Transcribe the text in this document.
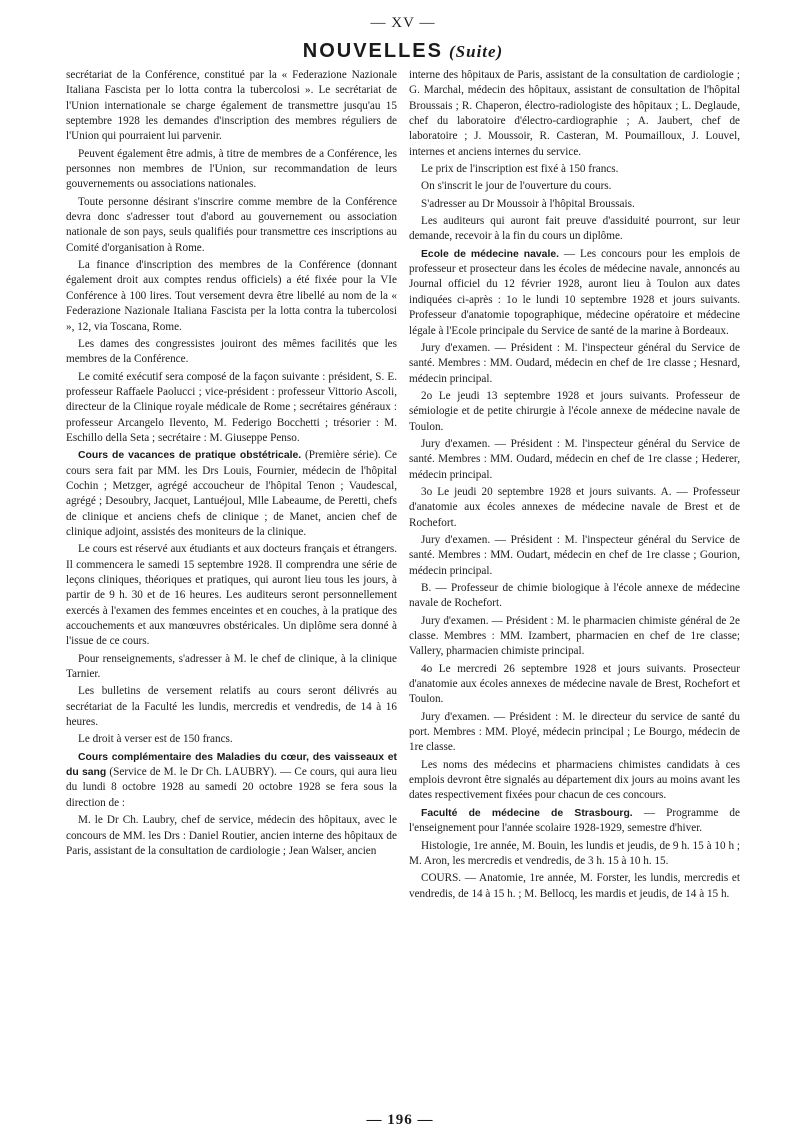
— XV —
NOUVELLES (Suite)

secrétariat de la Conférence, constitué par la « Federazione Nazionale Italiana Fascista per lo lotta contra la tubercolosi ». Le secrétariat de l'Union internationale se charge également de transmettre jusqu'au 15 septembre 1928 les demandes d'inscription des membres réguliers de l'Union qui pourraient lui parvenir.

Peuvent également être admis, à titre de membres de a Conférence, les personnes non membres de l'Union, sur recommandation de leurs gouvernements ou associations nationales.

Toute personne désirant s'inscrire comme membre de la Conférence devra donc s'adresser tout d'abord au gouvernement ou association nationale de son pays, seuls qualifiés pour transmettre ces inscriptions au Comité d'organisation à Rome.

La finance d'inscription des membres de la Conférence (donnant également droit aux comptes rendus officiels) a été fixée pour la VIe Conférence à 100 lires. Tout versement devra être libellé au nom de la « Federazione Nazionale Italiana Fascista per la lotta contra la tubercolosi », 12, via Toscana, Rome.

Les dames des congressistes jouiront des mêmes facilités que les membres de la Conférence.

Le comité exécutif sera composé de la façon suivante : président, S. E. professeur Raffaele Paolucci ; vice-président : professeur Vittorio Ascoli, directeur de la Clinique royale médicale de Rome ; secrétaires généraux : professeur Arcangelo Ilevento, M. Federigo Bocchetti ; trésorier : M. Eschillo della Seta ; secrétaire : M. Giuseppe Penso.

Cours de vacances de pratique obstétricale. (Première série). Ce cours sera fait par MM. les Drs Louis, Fournier, médecin de l'hôpital Cochin ; Metzger, agrégé accoucheur de l'hôpital Tenon ; Vaudescal, agrégé ; Desoubry, Jacquet, Lantuéjoul, Mlle Labeaume, de Peretti, chefs de clinique et anciens chefs de clinique ; de Manet, ancien chef de clinique adjoint, assistés des moniteurs de la clinique.

Le cours est réservé aux étudiants et aux docteurs français et étrangers. Il commencera le samedi 15 septembre 1928. Il comprendra une série de leçons cliniques, théoriques et pratiques, qui auront lieu tous les jours, à partir de 9 h. 30 et de 16 heures. Les auditeurs seront personnellement exercés à l'examen des femmes enceintes et en couches, à la pratique des accouchements et aux manœuvres obstéricales. Un diplôme sera donné à l'issue de ce cours.

Pour renseignements, s'adresser à M. le chef de clinique, à la clinique Tarnier.

Les bulletins de versement relatifs au cours seront délivrés au secrétariat de la Faculté les lundis, mercredis et vendredis, de 14 à 16 heures.

Le droit à verser est de 150 francs.

Cours complémentaire des Maladies du cœur, des vaisseaux et du sang (Service de M. le Dr Ch. LAUBRY). — Ce cours, qui aura lieu du lundi 8 octobre 1928 au samedi 20 octobre 1928 se fera sous la direction de :

M. le Dr Ch. Laubry, chef de service, médecin des hôpitaux, avec le concours de MM. les Drs : Daniel Routier, ancien interne des hôpitaux de Paris, assistant de la consultation de cardiologie ; Jean Walser, ancien

interne des hôpitaux de Paris, assistant de la consultation de cardiologie ; G. Marchal, médecin des hôpitaux, assistant de consultation de l'hôpital Broussais ; R. Chaperon, électro-radiologiste des hôpitaux ; L. Deglaude, chef du laboratoire d'électro-cardiographie ; A. Jaubert, chef de laboratoire ; J. Moussoir, R. Casteran, M. Poumailloux, J. Louvel, internes et anciens internes du service.

Le prix de l'inscription est fixé à 150 francs.

On s'inscrit le jour de l'ouverture du cours.

S'adresser au Dr Moussoir à l'hôpital Broussais.

Les auditeurs qui auront fait preuve d'assiduité pourront, sur leur demande, recevoir à la fin du cours un diplôme.

Ecole de médecine navale. — Les concours pour les emplois de professeur et prosecteur dans les écoles de médecine navale, annoncés au Journal officiel du 12 février 1928, auront lieu à Toulon aux dates indiquées ci-après : 1o le lundi 10 septembre 1928 et jours suivants. Professeur d'anatomie topographique, médecine opératoire et médecine légale à l'Ecole principale du Service de santé de la marine à Bordeaux.

Jury d'examen. — Président : M. l'inspecteur général du Service de santé. Membres : MM. Oudard, médecin en chef de 1re classe ; Hesnard, médecin principal.

2o Le jeudi 13 septembre 1928 et jours suivants. Professeur de sémiologie et de petite chirurgie à l'école annexe de médecine navale de Toulon.

Jury d'examen. — Président : M. l'inspecteur général du Service de santé. Membres : MM. Oudard, médecin en chef de 1re classe ; Hederer, médecin principal.

3o Le jeudi 20 septembre 1928 et jours suivants. A. — Professeur d'anatomie aux écoles annexes de médecine navale de Brest et de Rochefort.

Jury d'examen. — Président : M. l'inspecteur général du Service de santé. Membres : MM. Oudart, médecin en chef de 1re classe ; Gourion, médecin principal.

B. — Professeur de chimie biologique à l'école annexe de médecine navale de Rochefort.

Jury d'examen. — Président : M. le pharmacien chimiste général de 2e classe. Membres : MM. Izambert, pharmacien en chef de 1re classe; Vallery, pharmacien chimiste principal.

4o Le mercredi 26 septembre 1928 et jours suivants. Prosecteur d'anatomie aux écoles annexes de médecine navale de Brest, Rochefort et Toulon.

Jury d'examen. — Président : M. le directeur du service de santé du port. Membres : MM. Ployé, médecin principal ; Le Bourgo, médecin de 1re classe.

Les noms des médecins et pharmaciens chimistes candidats à ces emplois devront être signalés au département dix jours au moins avant les dates respectivement fixées pour chacun de ces concours.

Faculté de médecine de Strasbourg. — Programme de l'enseignement pour l'année scolaire 1928-1929, semestre d'hiver.

Histologie, 1re année, M. Bouin, les lundis et jeudis, de 9 h. 15 à 10 h ; M. Aron, les mercredis et vendredis, de 3 h. 15 à 10 h. 15.

COURS. — Anatomie, 1re année, M. Forster, les lundis, mercredis et vendredis, de 14 à 15 h. ; M. Bellocq, les mardis et jeudis, de 14 à 15 h.

— 196 —
